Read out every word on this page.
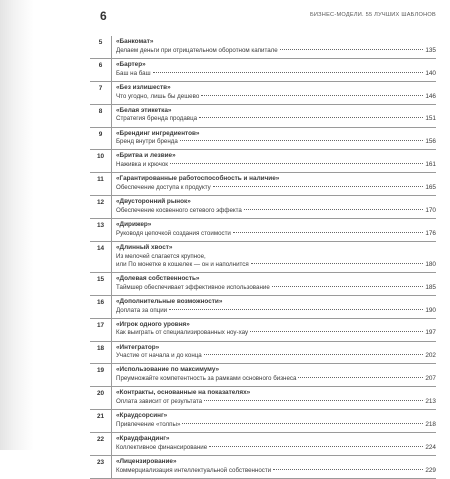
6	БИЗНЕС-МОДЕЛИ. 55 ЛУЧШИХ ШАБЛОНОВ
5	«Банкомат»
Делаем деньги при отрицательном оборотном капитале	135
6	«Бартер»
Баш на баш	140
7	«Без излишеств»
Что угодно, лишь бы дешево	146
8	«Белая этикетка»
Стратегия бренда продавца	151
9	«Брендинг ингредиентов»
Бренд внутри бренда	156
10	«Бритва и лезвие»
Наживка и крючок	161
11	«Гарантированные работоспособность и наличие»
Обеспечение доступа к продукту	165
12	«Двусторонний рынок»
Обеспечение косвенного сетевого эффекта	170
13	«Дирижер»
Руководя цепочкой создания стоимости	176
14	«Длинный хвост»
Из мелочей слагается крупное,
или По монетке в кошелек — он и наполнится	180
15	«Долевая собственность»
Таймшер обеспечивает эффективное использование	185
16	«Дополнительные возможности»
Доплата за опции	190
17	«Игрок одного уровня»
Как выиграть от специализированных ноу-хау	197
18	«Интегратор»
Участие от начала и до конца	202
19	«Использование по максимуму»
Преумножайте компетентность за рамками основного бизнеса	207
20	«Контракты, основанные на показателях»
Оплата зависит от результата	213
21	«Краудсорсинг»
Привлечение «толпы»	218
22	«Краудфандинг»
Коллективное финансирование	224
23	«Лицензирование»
Коммерциализация интеллектуальной собственности	229
